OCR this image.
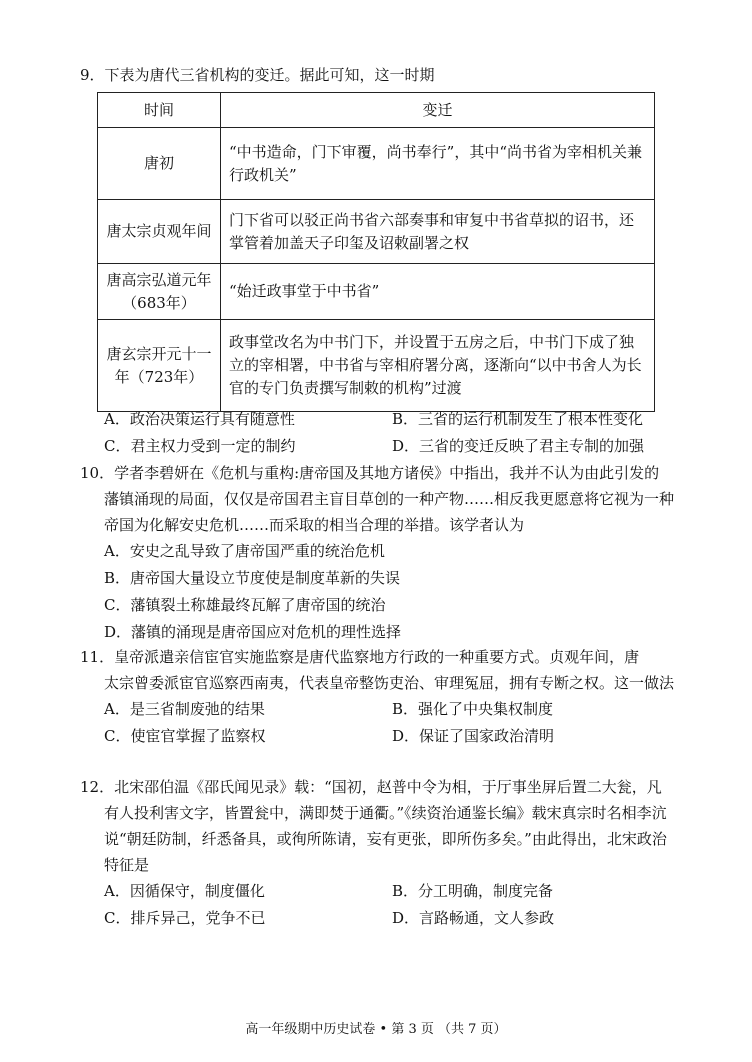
9．下表为唐代三省机构的变迁。据此可知，这一时期
时间	变迁
唐初	“中书造命，门下审覆，尚书奉行”，其中“尚书省为宰相机关兼行政机关”
唐太宗贞观年间	门下省可以驳正尚书省六部奏事和审复中书省草拟的诏书，还掌管着加盖天子印玺及诏敕副署之权
唐高宗弘道元年（683年）	“始迁政事堂于中书省”
唐玄宗开元十一年（723年）	政事堂改名为中书门下，并设置于五房之后，中书门下成了独立的宰相署，中书省与宰相府署分离，逐渐向“以中书舍人为长官的专门负责撰写制敕的机构”过渡
A．政治决策运行具有随意性	B．三省的运行机制发生了根本性变化
C．君主权力受到一定的制约	D．三省的变迁反映了君主专制的加强
10．学者李碧妍在《危机与重构:唐帝国及其地方诸侯》中指出，我并不认为由此引发的
藩镇涌现的局面，仅仅是帝国君主盲目草创的一种产物……相反我更愿意将它视为一种帝国为化解安史危机……而采取的相当合理的举措。该学者认为
A．安史之乱导致了唐帝国严重的统治危机
B．唐帝国大量设立节度使是制度革新的失误
C．藩镇裂土称雄最终瓦解了唐帝国的统治
D．藩镇的涌现是唐帝国应对危机的理性选择
11．皇帝派遣亲信宦官实施监察是唐代监察地方行政的一种重要方式。贞观年间，唐
太宗曾委派宦官巡察西南夷，代表皇帝整饬吏治、审理冤屈，拥有专断之权。这一做法
A．是三省制废弛的结果	B．强化了中央集权制度
C．使宦官掌握了监察权	D．保证了国家政治清明
12．北宋邵伯温《邵氏闻见录》载：“国初，赵普中令为相，于厅事坐屏后置二大瓮，凡
有人投利害文字，皆置瓮中，满即焚于通衢。”《续资治通鉴长编》载宋真宗时名相李沆说“朝廷防制，纤悉备具，或徇所陈请，妄有更张，即所伤多矣。”由此得出，北宋政治特征是
A．因循保守，制度僵化	B．分工明确，制度完备
C．排斥异己，党争不已	D．言路畅通，文人参政
高一年级期中历史试卷 • 第 3 页 （共 7 页）
